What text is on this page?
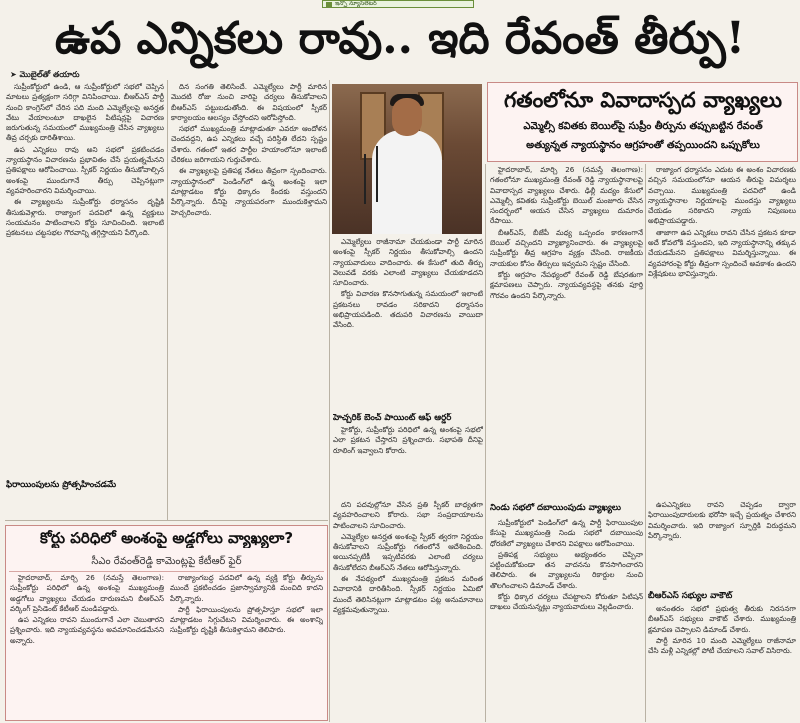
ఇన్ఫో న్యూస్‌లెటర్
ఉప ఎన్నికలు రావు.. ఇది రేవంత్ తీర్పు!
➤ మొబైల్‌తో తయారు

సుప్రీంకోర్టులో ఉండి, ఆ సుప్రీంకోర్టులో సభలో చెప్పిన మాటలు ప్రత్యక్షంగా సరిగ్గా వినిపించాయి. బీఆర్ఎస్ పార్టీ నుంచి కాంగ్రెస్‌లో చేరిన పది మంది ఎమ్మెల్యేలపై అనర్హత వేటు వేయాలంటూ దాఖలైన పిటిషన్లపై విచారణ జరుగుతున్న సమయంలో ముఖ్యమంత్రి చేసిన వ్యాఖ్యలు తీవ్ర చర్చకు దారితీశాయి.

ఉప ఎన్నికలు రావు అని సభలో ప్రకటించడం న్యాయస్థానం విచారణను ప్రభావితం చేసే ప్రయత్నమేనని ప్రతిపక్షాలు ఆరోపించాయి. స్పీకర్ నిర్ణయం తీసుకోవాల్సిన అంశంపై ముందుగానే తీర్పు చెప్పినట్లుగా వ్యవహరించారని విమర్శించాయి.

ఈ వ్యాఖ్యలను సుప్రీంకోర్టు ధర్మాసనం దృష్టికి తీసుకువెళ్లారు. రాజ్యాంగ పదవిలో ఉన్న వ్యక్తులు సంయమనం పాటించాలని కోర్టు సూచించింది. ఇలాంటి ప్రకటనలు చట్టసభల గౌరవాన్ని తగ్గిస్తాయని పేర్కొంది.

దిన సంగతి తెలిసిందే. ఎమ్మెల్యేలు పార్టీ మారిన మొదటి రోజు నుంచి వారిపై చర్యలు తీసుకోవాలని బీఆర్ఎస్ పట్టుబడుతోంది. ఈ విషయంలో స్పీకర్ కార్యాలయం ఆలస్యం చేస్తోందని ఆరోపిస్తోంది.

సభలో ముఖ్యమంత్రి మాట్లాడుతూ ఎవరూ ఆందోళన చెందవద్దని, ఉప ఎన్నికలు వచ్చే పరిస్థితి లేదని స్పష్టం చేశారు. గతంలో ఇతర పార్టీల హయాంలోనూ ఇలాంటి చేరికలు జరిగాయని గుర్తుచేశారు.

ఈ వ్యాఖ్యలపై ప్రతిపక్ష నేతలు తీవ్రంగా స్పందించారు. న్యాయస్థానంలో పెండింగ్‌లో ఉన్న అంశంపై ఇలా మాట్లాడటం కోర్టు ధిక్కారం కిందకు వస్తుందని పేర్కొన్నారు. దీనిపై న్యాయపరంగా ముందుకెళ్తామని హెచ్చరించారు.

ఎమ్మెల్యేలు రాజీనామా చేయకుండా పార్టీ మారిన అంశంపై స్పీకర్ నిర్ణయం తీసుకోవాల్సి ఉందని న్యాయవాదులు వాదించారు. ఈ కేసులో తుది తీర్పు వెలువడే వరకు ఎలాంటి వ్యాఖ్యలు చేయకూడదని సూచించారు.

కోర్టు విచారణ కొనసాగుతున్న సమయంలో ఇలాంటి ప్రకటనలు రావడం సరికాదని ధర్మాసనం అభిప్రాయపడింది. తదుపరి విచారణను వాయిదా వేసింది.

హెచ్చరిక్ బెంచ్ పాయింట్ ఆఫ్ ఆర్డర్

హైకోర్టు, సుప్రీంకోర్టు పరిధిలో ఉన్న అంశంపై సభలో ఎలా ప్రకటన చేస్తారని ప్రశ్నించారు. సభాపతి దీనిపై రూలింగ్ ఇవ్వాలని కోరారు.

గతంలోనూ వివాదాస్పద వ్యాఖ్యలు
ఎమ్మెల్సీ కవితకు బెయిల్‌పై సుప్రీం తీర్పును తప్పుబట్టిన రేవంత్
అత్యున్నత న్యాయస్థానం ఆగ్రహంతో తప్పయిందని ఒప్పుకోలు

హైదరాబాద్, మార్చి 26 (నమస్తే తెలంగాణ): గతంలోనూ ముఖ్యమంత్రి రేవంత్ రెడ్డి న్యాయస్థానాలపై వివాదాస్పద వ్యాఖ్యలు చేశారు. ఢిల్లీ మద్యం కేసులో ఎమ్మెల్సీ కవితకు సుప్రీంకోర్టు బెయిల్ మంజూరు చేసిన సందర్భంలో ఆయన చేసిన వ్యాఖ్యలు దుమారం రేపాయి.

బీఆర్ఎస్, బీజేపీ మధ్య ఒప్పందం కారణంగానే బెయిల్ వచ్చిందని వ్యాఖ్యానించారు. ఈ వ్యాఖ్యలపై సుప్రీంకోర్టు తీవ్ర ఆగ్రహం వ్యక్తం చేసింది. రాజకీయ నాయకుల కోసం తీర్పులు ఇవ్వమని స్పష్టం చేసింది.

కోర్టు ఆగ్రహం నేపథ్యంలో రేవంత్ రెడ్డి బేషరతుగా క్షమాపణలు చెప్పారు. న్యాయవ్యవస్థపై తనకు పూర్తి గౌరవం ఉందని పేర్కొన్నారు.

రాజ్యాంగ ధర్మాసనం ఎదుట ఈ అంశం విచారణకు వచ్చిన సమయంలోనూ ఆయన తీరుపై విమర్శలు వచ్చాయి. ముఖ్యమంత్రి పదవిలో ఉండి న్యాయస్థానాల నిర్ణయాలపై ముందస్తు వ్యాఖ్యలు చేయడం సరికాదని న్యాయ నిపుణులు అభిప్రాయపడ్డారు.

తాజాగా ఉప ఎన్నికలు రావని చేసిన ప్రకటన కూడా అదే కోవలోకి వస్తుందని, ఇది న్యాయస్థానాన్ని తక్కువ చేయడమేనని ప్రతిపక్షాలు విమర్శిస్తున్నాయి. ఈ వ్యవహారంపై కోర్టు తీవ్రంగా స్పందించే అవకాశం ఉందని విశ్లేషకులు భావిస్తున్నారు.

ఫిరాయింపులను ప్రోత్సహించడమే
కోర్టు పరిధిలో అంశంపై అడ్డగోలు వ్యాఖ్యలా?
సీఎం రేవంత్‌రెడ్డి కామెంట్లపై కేటీఆర్ ఫైర్

హైదరాబాద్, మార్చి 26 (నమస్తే తెలంగాణ): సుప్రీంకోర్టు పరిధిలో ఉన్న అంశంపై ముఖ్యమంత్రి అడ్డగోలు వ్యాఖ్యలు చేయడం దారుణమని బీఆర్ఎస్ వర్కింగ్ ప్రెసిడెంట్ కేటీఆర్ మండిపడ్డారు.

ఉప ఎన్నికలు రావని ముందుగానే ఎలా చెబుతారని ప్రశ్నించారు. ఇది న్యాయవ్యవస్థను అవమానించడమేనని అన్నారు.

రాజ్యాంగబద్ధ పదవిలో ఉన్న వ్యక్తి కోర్టు తీర్పును ముందే ప్రకటించడం ప్రజాస్వామ్యానికి మంచిది కాదని పేర్కొన్నారు.

పార్టీ ఫిరాయింపులను ప్రోత్సహిస్తూ సభలో ఇలా మాట్లాడటం సిగ్గుచేటని విమర్శించారు. ఈ అంశాన్ని సుప్రీంకోర్టు దృష్టికి తీసుకెళ్తామని తెలిపారు.

దని పదవుల్లోనూ వేసిన ప్రతి స్పీకర్ బాధ్యతగా వ్యవహరించాలని కోరారు. సభా సంప్రదాయాలను పాటించాలని సూచించారు.

ఎమ్మెల్యేల అనర్హత అంశంపై స్పీకర్ త్వరగా నిర్ణయం తీసుకోవాలని సుప్రీంకోర్టు గతంలోనే ఆదేశించింది. అయినప్పటికీ ఇప్పటివరకు ఎలాంటి చర్యలు తీసుకోలేదని బీఆర్ఎస్ నేతలు ఆరోపిస్తున్నారు.

ఈ నేపథ్యంలో ముఖ్యమంత్రి ప్రకటన మరింత వివాదానికి దారితీసింది. స్పీకర్ నిర్ణయం ఏమిటో ముందే తెలిసినట్లుగా మాట్లాడటం పట్ల అనుమానాలు వ్యక్తమవుతున్నాయి.

నిండు సభలో దబాయింపుడు వ్యాఖ్యలు

సుప్రీంకోర్టులో పెండింగ్‌లో ఉన్న పార్టీ ఫిరాయింపుల కేసుపై ముఖ్యమంత్రి నిండు సభలో దబాయింపు ధోరణిలో వ్యాఖ్యలు చేశారని విపక్షాలు ఆరోపించాయి.

ప్రతిపక్ష సభ్యులు అభ్యంతరం చెప్పినా పట్టించుకోకుండా తన వాదనను కొనసాగించారని తెలిపారు. ఈ వ్యాఖ్యలను రికార్డుల నుంచి తొలగించాలని డిమాండ్ చేశారు.

కోర్టు ధిక్కార చర్యలు చేపట్టాలని కోరుతూ పిటిషన్ దాఖలు చేయనున్నట్లు న్యాయవాదులు వెల్లడించారు.

ఉపఎన్నికలు రావని చెప్పడం ద్వారా ఫిరాయింపుదారులకు భరోసా ఇచ్చే ప్రయత్నం చేశారని విమర్శించారు. ఇది రాజ్యాంగ స్ఫూర్తికి విరుద్ధమని పేర్కొన్నారు.

బీఆర్ఎస్ సభ్యుల వాకౌట్

అనంతరం సభలో ప్రభుత్వ తీరుకు నిరసనగా బీఆర్ఎస్ సభ్యులు వాకౌట్ చేశారు. ముఖ్యమంత్రి క్షమాపణ చెప్పాలని డిమాండ్ చేశారు.

పార్టీ మారిన 10 మంది ఎమ్మెల్యేలు రాజీనామా చేసి మళ్లీ ఎన్నికల్లో పోటీ చేయాలని సవాల్ విసిరారు.
